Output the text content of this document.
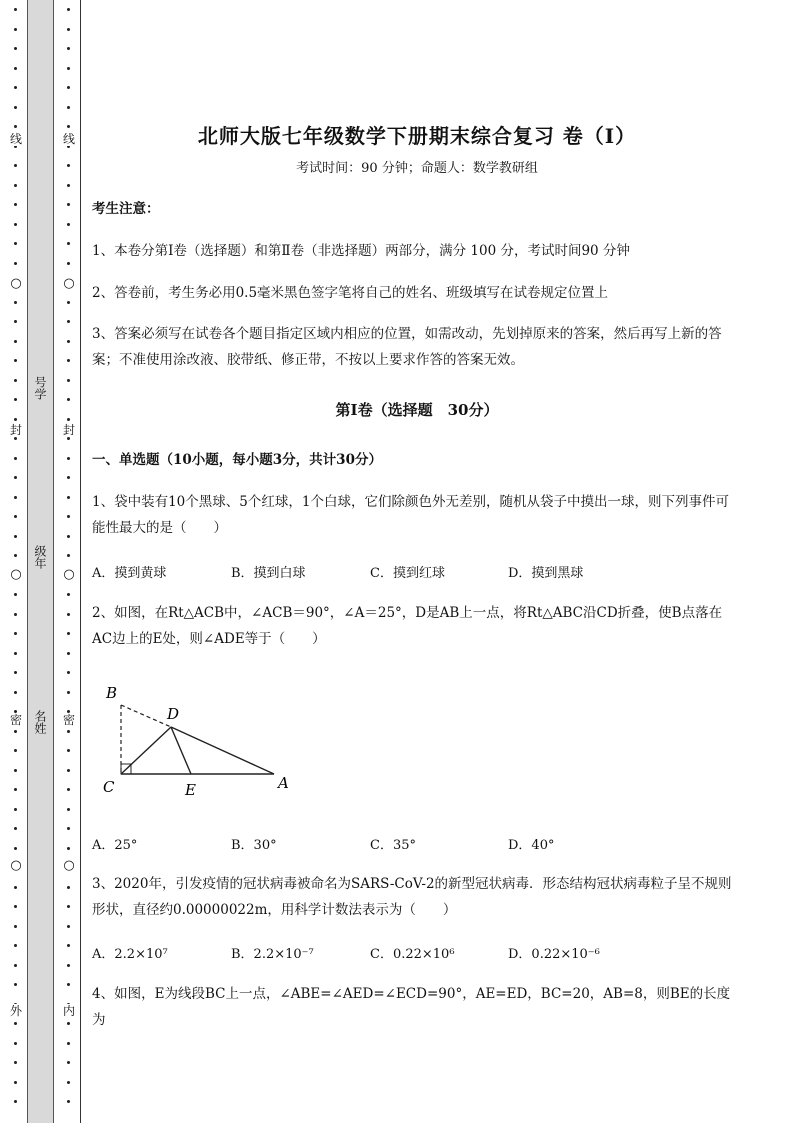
线
○
封
○
密
○
外
号学
级年
名姓
线
○
封
○
密
○
内
北师大版七年级数学下册期末综合复习 卷（Ⅰ）
考试时间：90 分钟；命题人：数学教研组
考生注意：
1、本卷分第Ⅰ卷（选择题）和第Ⅱ卷（非选择题）两部分，满分 100 分，考试时间90 分钟
2、答卷前，考生务必用0.5毫米黑色签字笔将自己的姓名、班级填写在试卷规定位置上
3、答案必须写在试卷各个题目指定区域内相应的位置，如需改动，先划掉原来的答案，然后再写上新的答案；不准使用涂改液、胶带纸、修正带，不按以上要求作答的答案无效。
第Ⅰ卷（选择题　30分）
一、单选题（10小题，每小题3分，共计30分）
1、袋中装有10个黑球、5个红球，1个白球，它们除颜色外无差别，随机从袋子中摸出一球，则下列事件可能性最大的是（　　）
A．摸到黄球	B．摸到白球	C．摸到红球	D．摸到黑球
2、如图，在Rt△ACB中，∠ACB＝90°，∠A＝25°，D是AB上一点，将Rt△ABC沿CD折叠，使B点落在AC边上的E处，则∠ADE等于（　　）
B
D
C	E	A
A．25°	B．30°	C．35°	D．40°
3、2020年，引发疫情的冠状病毒被命名为SARS-CoV-2的新型冠状病毒．形态结构冠状病毒粒子呈不规则形状，直径约0.00000022m，用科学计数法表示为（　　）
A．2.2×10⁷	B．2.2×10⁻⁷	C．0.22×10⁶	D．0.22×10⁻⁶
4、如图，E为线段BC上一点，∠ABE=∠AED=∠ECD=90°，AE=ED，BC=20，AB=8，则BE的长度为
